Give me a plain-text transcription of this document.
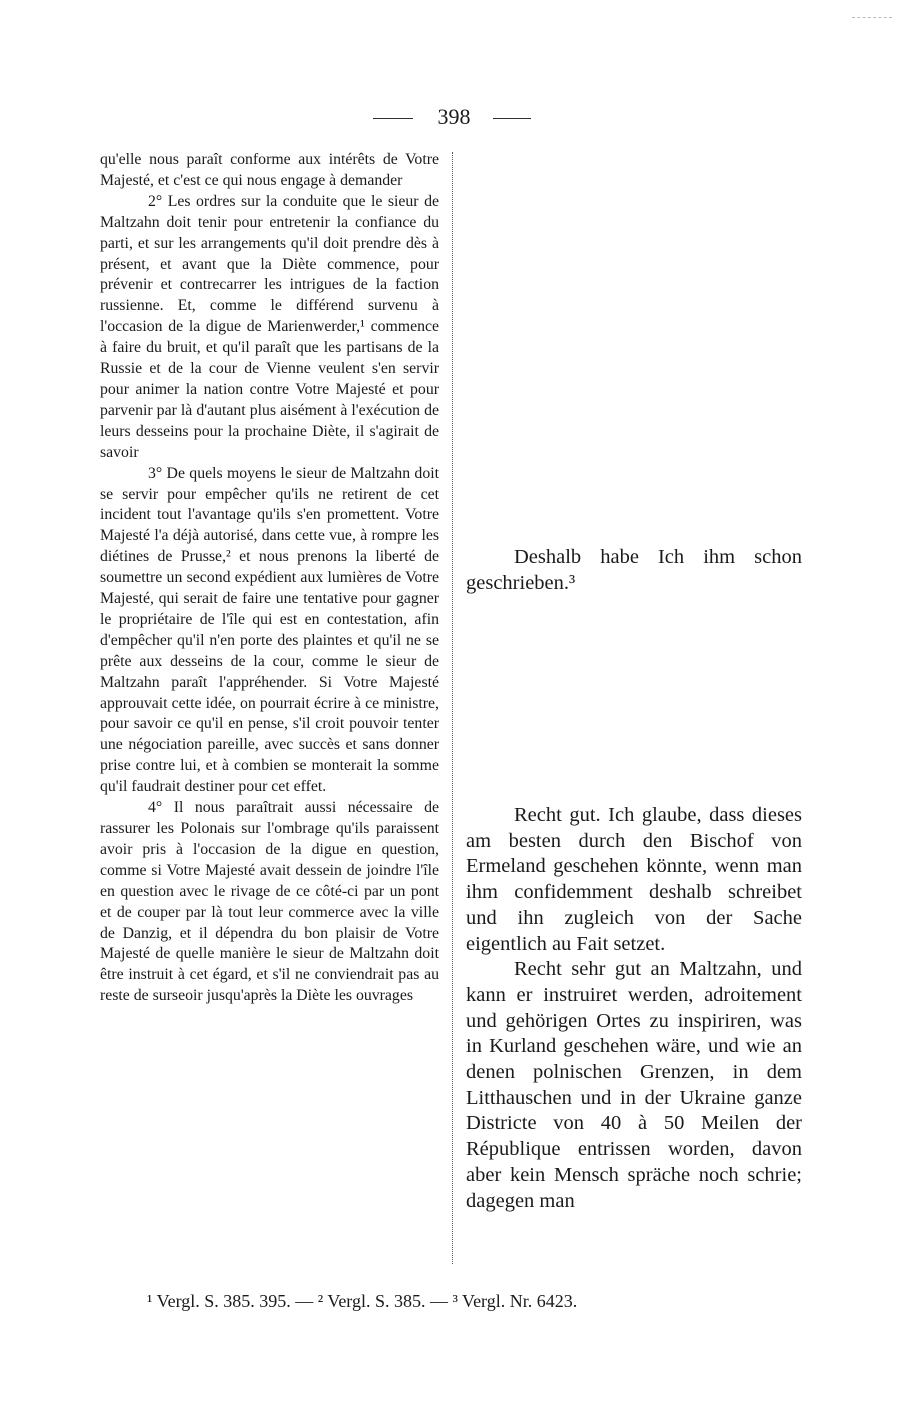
398

qu'elle nous paraît conforme aux intérêts de Votre Majesté, et c'est ce qui nous engage à demander

2° Les ordres sur la conduite que le sieur de Maltzahn doit tenir pour entretenir la confiance du parti, et sur les arrangements qu'il doit prendre dès à présent, et avant que la Diète commence, pour prévenir et contrecarrer les intrigues de la faction russienne. Et, comme le différend survenu à l'occasion de la digue de Marienwerder,¹ commence à faire du bruit, et qu'il paraît que les partisans de la Russie et de la cour de Vienne veulent s'en servir pour animer la nation contre Votre Majesté et pour parvenir par là d'autant plus aisément à l'exécution de leurs desseins pour la prochaine Diète, il s'agirait de savoir

3° De quels moyens le sieur de Maltzahn doit se servir pour empêcher qu'ils ne retirent de cet incident tout l'avantage qu'ils s'en promettent. Votre Majesté l'a déjà autorisé, dans cette vue, à rompre les diétines de Prusse,² et nous prenons la liberté de soumettre un second expédient aux lumières de Votre Majesté, qui serait de faire une tentative pour gagner le propriétaire de l'île qui est en contestation, afin d'empêcher qu'il n'en porte des plaintes et qu'il ne se prête aux desseins de la cour, comme le sieur de Maltzahn paraît l'appréhender. Si Votre Majesté approuvait cette idée, on pourrait écrire à ce ministre, pour savoir ce qu'il en pense, s'il croit pouvoir tenter une négociation pareille, avec succès et sans donner prise contre lui, et à combien se monterait la somme qu'il faudrait destiner pour cet effet.

4° Il nous paraîtrait aussi nécessaire de rassurer les Polonais sur l'ombrage qu'ils paraissent avoir pris à l'occasion de la digue en question, comme si Votre Majesté avait dessein de joindre l'île en question avec le rivage de ce côté-ci par un pont et de couper par là tout leur commerce avec la ville de Danzig, et il dépendra du bon plaisir de Votre Majesté de quelle manière le sieur de Maltzahn doit être instruit à cet égard, et s'il ne conviendrait pas au reste de surseoir jusqu'après la Diète les ouvrages

Deshalb habe Ich ihm schon geschrieben.³

Recht gut. Ich glaube, dass dieses am besten durch den Bischof von Ermeland geschehen könnte, wenn man ihm confidemment deshalb schreibet und ihn zugleich von der Sache eigentlich au Fait setzet.

Recht sehr gut an Maltzahn, und kann er instruiret werden, adroitement und gehörigen Ortes zu inspiriren, was in Kurland geschehen wäre, und wie an denen polnischen Grenzen, in dem Litthauschen und in der Ukraine ganze Districte von 40 à 50 Meilen der République entrissen worden, davon aber kein Mensch spräche noch schrie; dagegen man

¹ Vergl. S. 385. 395. — ² Vergl. S. 385. — ³ Vergl. Nr. 6423.
